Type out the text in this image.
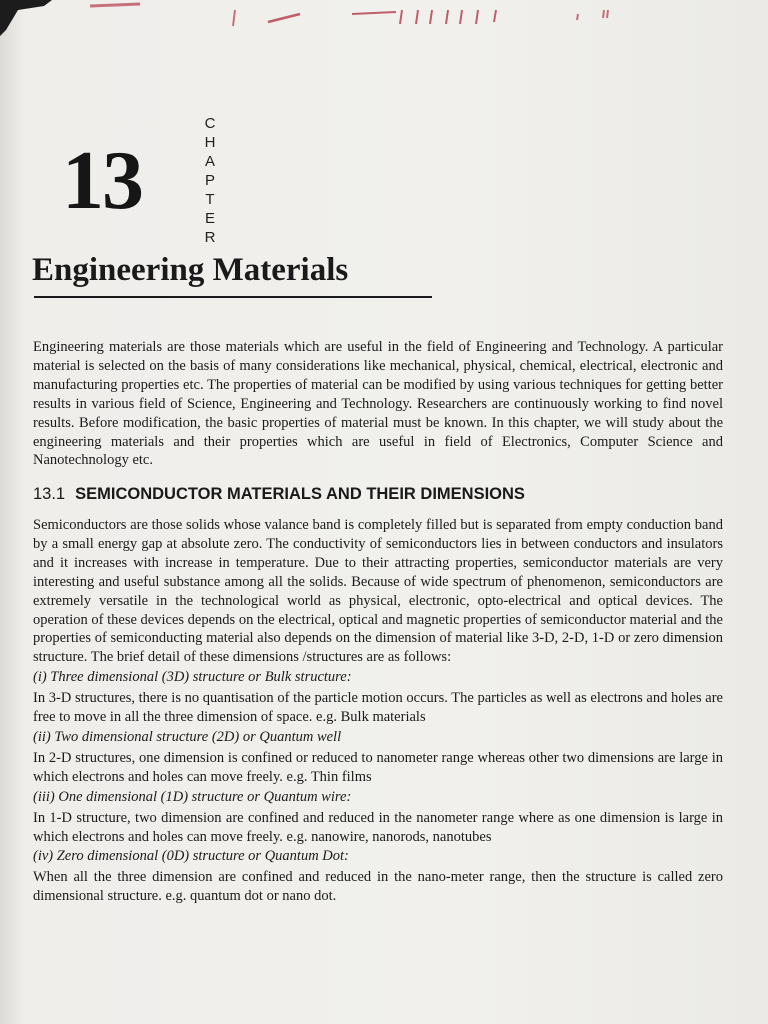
13
C
H
A
P
T
E
R
Engineering Materials

Engineering materials are those materials which are useful in the field of Engineering and Technology. A particular material is selected on the basis of many considerations like mechanical, physical, chemical, electrical, electronic and manufacturing properties etc. The properties of material can be modified by using various techniques for getting better results in various field of Science, Engineering and Technology. Researchers are continuously working to find novel results. Before modification, the basic properties of material must be known. In this chapter, we will study about the engineering materials and their properties which are useful in field of Electronics, Computer Science and Nanotechnology etc.

13.1 SEMICONDUCTOR MATERIALS AND THEIR DIMENSIONS

Semiconductors are those solids whose valance band is completely filled but is separated from empty conduction band by a small energy gap at absolute zero. The conductivity of semiconductors lies in between conductors and insulators and it increases with increase in temperature. Due to their attracting properties, semiconductor materials are very interesting and useful substance among all the solids. Because of wide spectrum of phenomenon, semiconductors are extremely versatile in the technological world as physical, electronic, opto-electrical and optical devices. The operation of these devices depends on the electrical, optical and magnetic properties of semiconductor material and the properties of semiconducting material also depends on the dimension of material like 3-D, 2-D, 1-D or zero dimension structure. The brief detail of these dimensions /structures are as follows:

(i) Three dimensional (3D) structure or Bulk structure:

In 3-D structures, there is no quantisation of the particle motion occurs. The particles as well as electrons and holes are free to move in all the three dimension of space. e.g. Bulk materials

(ii) Two dimensional structure (2D) or Quantum well

In 2-D structures, one dimension is confined or reduced to nanometer range whereas other two dimensions are large in which electrons and holes can move freely. e.g. Thin films

(iii) One dimensional (1D) structure or Quantum wire:

In 1-D structure, two dimension are confined and reduced in the nanometer range where as one dimension is large in which electrons and holes can move freely. e.g. nanowire, nanorods, nanotubes

(iv) Zero dimensional (0D) structure or Quantum Dot:

When all the three dimension are confined and reduced in the nano-meter range, then the structure is called zero dimensional structure. e.g. quantum dot or nano dot.
